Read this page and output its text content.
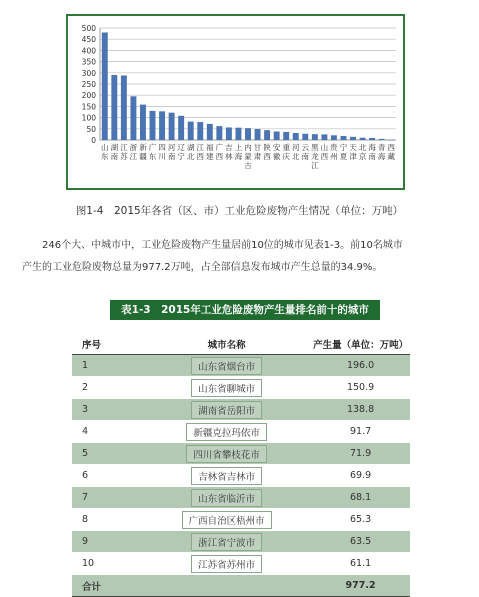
0
50
100
150
200
250
300
350
400
450
500
山东
湖南
江苏
浙江
新疆
广东
四川
河南
辽宁
湖北
江西
福建
广西
吉林
上海
内蒙古
甘肃
陕西
安徽
重庆
河北
云南
黑龙江
山西
贵州
宁夏
天津
北京
海南
青海
西藏
图1-4　2015年各省（区、市）工业危险废物产生情况（单位：万吨）
246个大、中城市中，工业危险废物产生量居前10位的城市见表1-3。前10名城市
产生的工业危险废物总量为977.2万吨，占全部信息发布城市产生总量的34.9%。
表1-3　2015年工业危险废物产生量排名前十的城市
序号	城市名称	产生量（单位：万吨）
1	山东省烟台市	196.0
2	山东省聊城市	150.9
3	湖南省岳阳市	138.8
4	新疆克拉玛依市	91.7
5	四川省攀枝花市	71.9
6	吉林省吉林市	69.9
7	山东省临沂市	68.1
8	广西自治区梧州市	65.3
9	浙江省宁波市	63.5
10	江苏省苏州市	61.1
合计		977.2
